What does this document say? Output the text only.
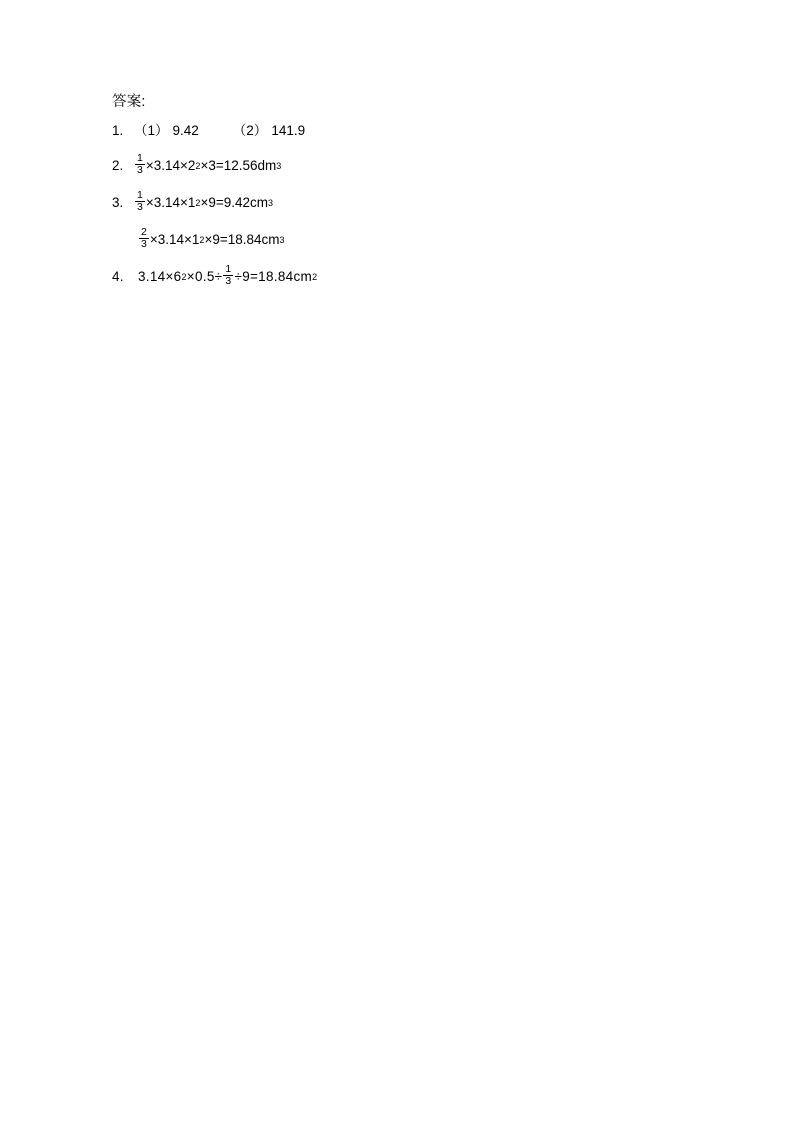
答案:
1. （1） 9.42	（2） 141.9
2.	$\frac{1}{3} \times 3.14 \times 2$ 2 × 3 = 12.56 dm 3
3.	$\frac{1}{3} \times 3.14 \times 1$ 2 × 9 = 9.42 cm 3
$\frac{2}{3} \times 3.14 \times 1$ 2 × 9 = 18.84 cm 3
4.	3.14×6 $2 \times 0.5\div \frac{1}{3} \div 9=18.84$ cm 2
